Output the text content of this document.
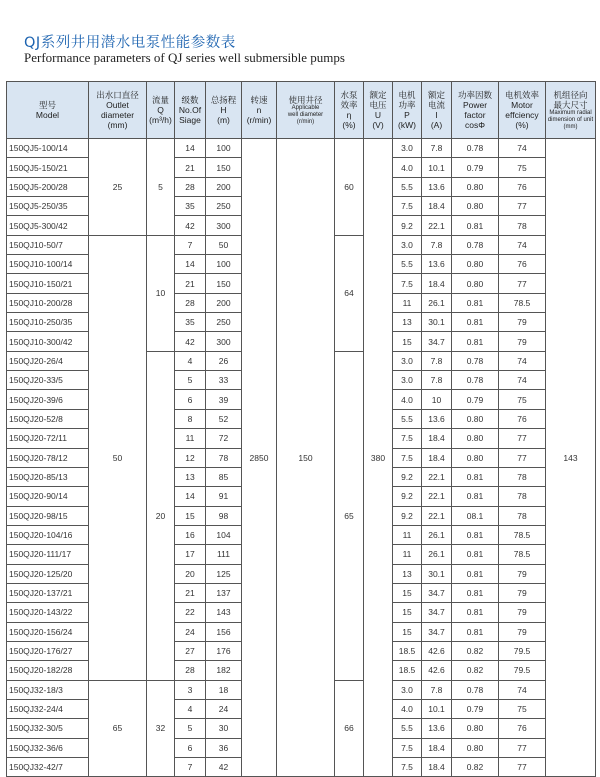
QJ系列井用潜水电泵性能参数表
Performance parameters of QJ series well submersible pumps
型号
Model	出水口直径
Outlet
diameter
(mm)	流量
Q
(m³/h)	级数
No.Of
Siage	总扬程
H
(m)	转速
n
(r/min)	使用井径
Applicable
well diameter
(r/min)	水泵
效率
η
(%)	额定
电压
U
(V)	电机
功率
P
(kW)	额定
电流
I
(A)	功率因数
Power
factor
cosΦ	电机效率
Motor
effciency
(%)	机组径向
最大尺寸
Maximum radial
dimension of unit
(mm)

150QJ5-100/14	25	5	14	100	2850	150	60	380	3.0	7.8	0.78	74	143
150QJ5-150/21			21	150					4.0	10.1	0.79	75	
150QJ5-200/28			28	200					5.5	13.6	0.80	76	
150QJ5-250/35			35	250					7.5	18.4	0.80	77	
150QJ5-300/42			42	300					9.2	22.1	0.81	78	
150QJ10-50/7	50	10	7	50			64		3.0	7.8	0.78	74	
150QJ10-100/14			14	100					5.5	13.6	0.80	76	
150QJ10-150/21			21	150					7.5	18.4	0.80	77	
150QJ10-200/28			28	200					11	26.1	0.81	78.5	
150QJ10-250/35			35	250					13	30.1	0.81	79	
150QJ10-300/42			42	300					15	34.7	0.81	79	
150QJ20-26/4		20	4	26			65		3.0	7.8	0.78	74	
150QJ20-33/5			5	33					3.0	7.8	0.78	74	
150QJ20-39/6			6	39					4.0	10	0.79	75	
150QJ20-52/8			8	52					5.5	13.6	0.80	76	
150QJ20-72/11			11	72					7.5	18.4	0.80	77	
150QJ20-78/12			12	78					7.5	18.4	0.80	77	
150QJ20-85/13			13	85					9.2	22.1	0.81	78	
150QJ20-90/14			14	91					9.2	22.1	0.81	78	
150QJ20-98/15			15	98					9.2	22.1	08.1	78	
150QJ20-104/16			16	104					11	26.1	0.81	78.5	
150QJ20-111/17			17	111					11	26.1	0.81	78.5	
150QJ20-125/20			20	125					13	30.1	0.81	79	
150QJ20-137/21			21	137					15	34.7	0.81	79	
150QJ20-143/22			22	143					15	34.7	0.81	79	
150QJ20-156/24			24	156					15	34.7	0.81	79	
150QJ20-176/27			27	176					18.5	42.6	0.82	79.5	
150QJ20-182/28			28	182					18.5	42.6	0.82	79.5	
150QJ32-18/3	65	32	3	18			66		3.0	7.8	0.78	74	
150QJ32-24/4			4	24					4.0	10.1	0.79	75	
150QJ32-30/5			5	30					5.5	13.6	0.80	76	
150QJ32-36/6			6	36					7.5	18.4	0.80	77	
150QJ32-42/7			7	42					7.5	18.4	0.82	77	
